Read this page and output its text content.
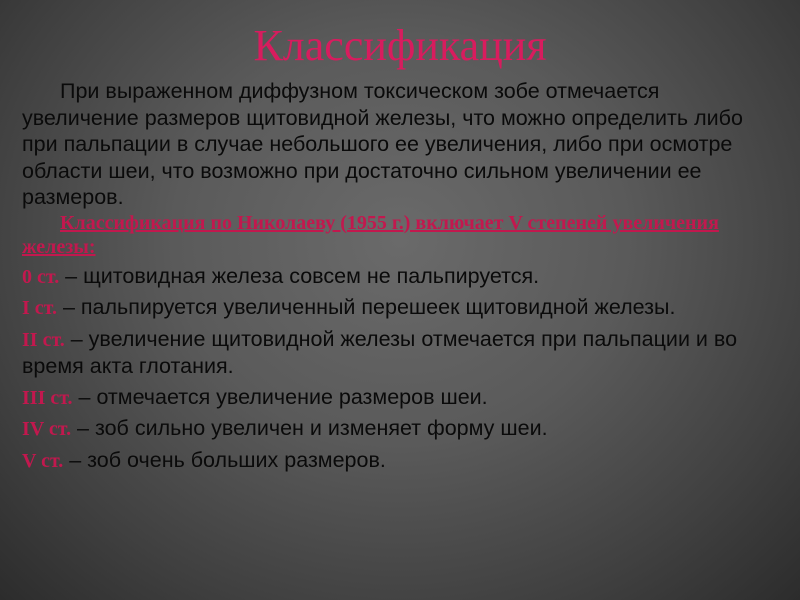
Классификация

При выраженном диффузном токсическом зобе отмечается увеличение размеров щитовидной железы, что можно определить либо при пальпации в случае небольшого ее увеличения, либо при осмотре области шеи, что возможно при достаточно сильном увеличении ее размеров.

Классификация по Николаеву (1955 г.) включает V степеней увеличения железы:

0 ст. – щитовидная железа совсем не пальпируется.

I ст. – пальпируется увеличенный перешеек щитовидной железы.

II ст. – увеличение щитовидной железы отмечается при пальпации и во время акта глотания.

III ст. – отмечается увеличение размеров шеи.

IV ст. – зоб сильно увеличен и изменяет форму шеи.

V ст. – зоб очень больших размеров.
